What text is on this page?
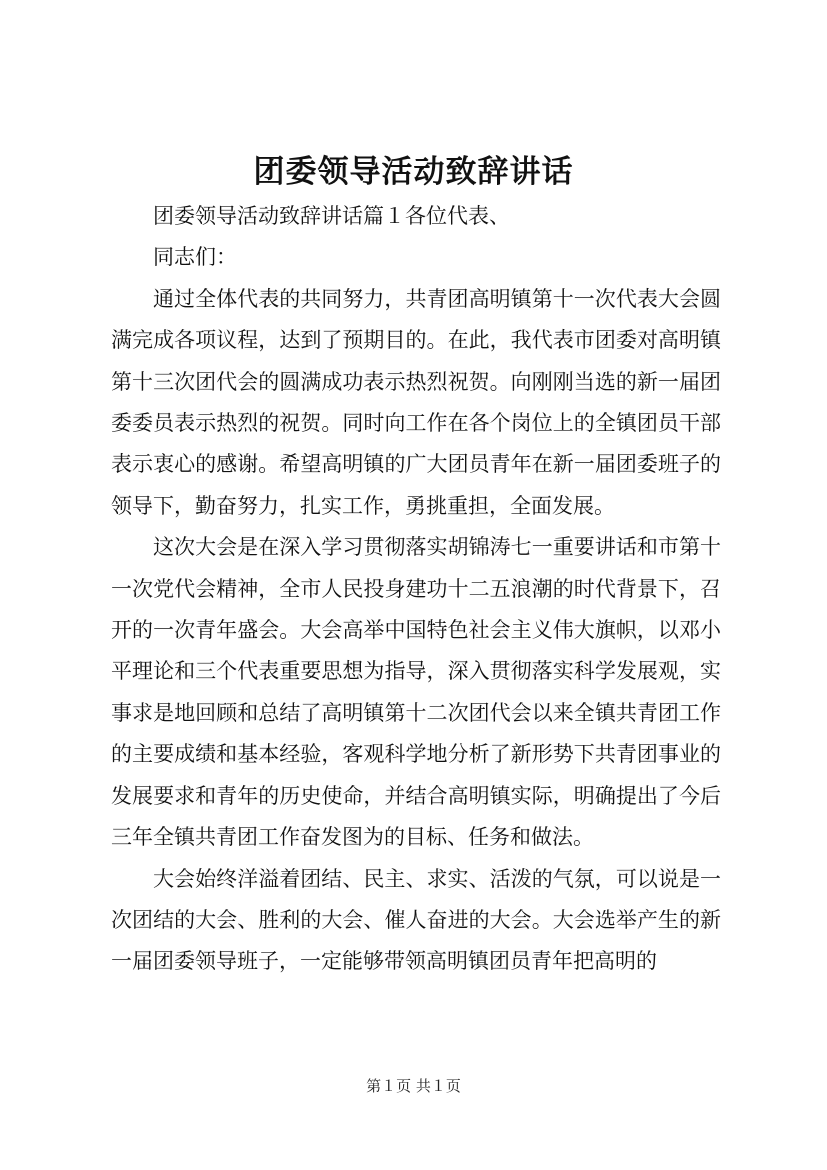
团委领导活动致辞讲话

团委领导活动致辞讲话篇１各位代表、

同志们：

通过全体代表的共同努力，共青团高明镇第十一次代表大会圆满完成各项议程，达到了预期目的。在此，我代表市团委对高明镇第十三次团代会的圆满成功表示热烈祝贺。向刚刚当选的新一届团委委员表示热烈的祝贺。同时向工作在各个岗位上的全镇团员干部表示衷心的感谢。希望高明镇的广大团员青年在新一届团委班子的领导下，勤奋努力，扎实工作，勇挑重担，全面发展。

这次大会是在深入学习贯彻落实胡锦涛七一重要讲话和市第十一次党代会精神，全市人民投身建功十二五浪潮的时代背景下，召开的一次青年盛会。大会高举中国特色社会主义伟大旗帜，以邓小平理论和三个代表重要思想为指导，深入贯彻落实科学发展观，实事求是地回顾和总结了高明镇第十二次团代会以来全镇共青团工作的主要成绩和基本经验，客观科学地分析了新形势下共青团事业的发展要求和青年的历史使命，并结合高明镇实际，明确提出了今后三年全镇共青团工作奋发图为的目标、任务和做法。

大会始终洋溢着团结、民主、求实、活泼的气氛，可以说是一次团结的大会、胜利的大会、催人奋进的大会。大会选举产生的新一届团委领导班子，一定能够带领高明镇团员青年把高明的

第１页 共１页
